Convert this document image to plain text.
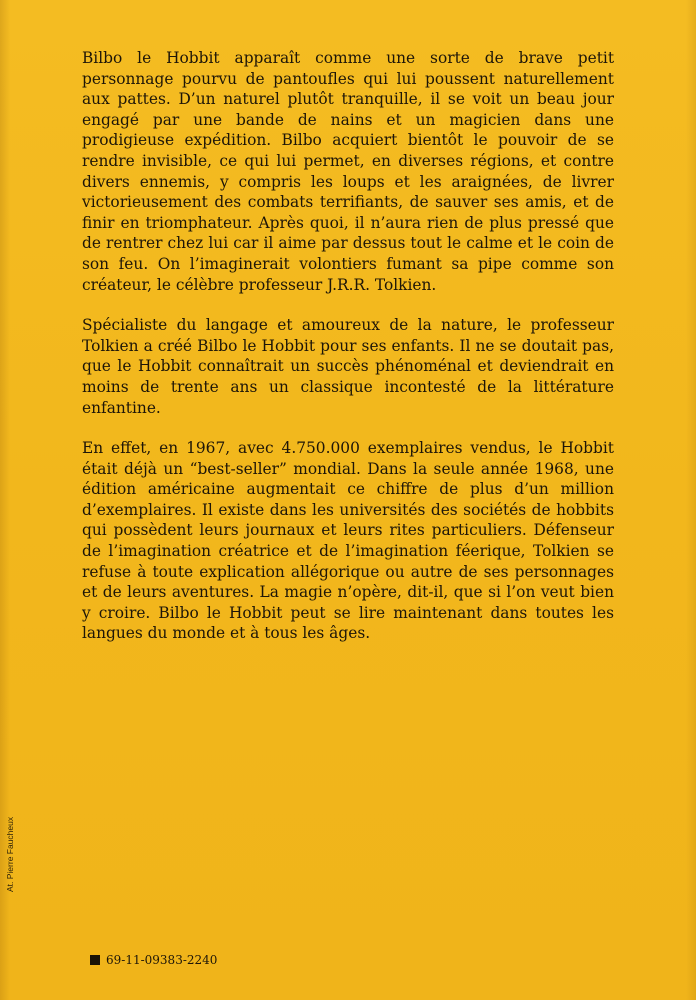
Bilbo le Hobbit apparaît comme une sorte de brave petit personnage pourvu de pantoufles qui lui poussent naturellement aux pattes. D’un naturel plutôt tranquille, il se voit un beau jour engagé par une bande de nains et un magicien dans une prodigieuse expédition. Bilbo acquiert bientôt le pouvoir de se rendre invisible, ce qui lui permet, en diverses régions, et contre divers ennemis, y compris les loups et les araignées, de livrer victorieusement des combats terrifiants, de sauver ses amis, et de finir en triomphateur. Après quoi, il n’aura rien de plus pressé que de rentrer chez lui car il aime par dessus tout le calme et le coin de son feu. On l’imaginerait volontiers fumant sa pipe comme son créateur, le célèbre professeur J.R.R. Tolkien.

Spécialiste du langage et amoureux de la nature, le professeur Tolkien a créé Bilbo le Hobbit pour ses enfants. Il ne se doutait pas, que le Hobbit connaîtrait un succès phénoménal et deviendrait en moins de trente ans un classique incontesté de la littérature enfantine.

En effet, en 1967, avec 4.750.000 exemplaires vendus, le Hobbit était déjà un “best-seller” mondial. Dans la seule année 1968, une édition américaine augmentait ce chiffre de plus d’un million d’exemplaires. Il existe dans les universités des sociétés de hobbits qui possèdent leurs journaux et leurs rites particuliers. Défenseur de l’imagination créatrice et de l’imagination féerique, Tolkien se refuse à toute explication allégorique ou autre de ses personnages et de leurs aventures. La magie n’opère, dit-il, que si l’on veut bien y croire. Bilbo le Hobbit peut se lire maintenant dans toutes les langues du monde et à tous les âges.

At. Pierre Faucheux
69-11-09383-2240
